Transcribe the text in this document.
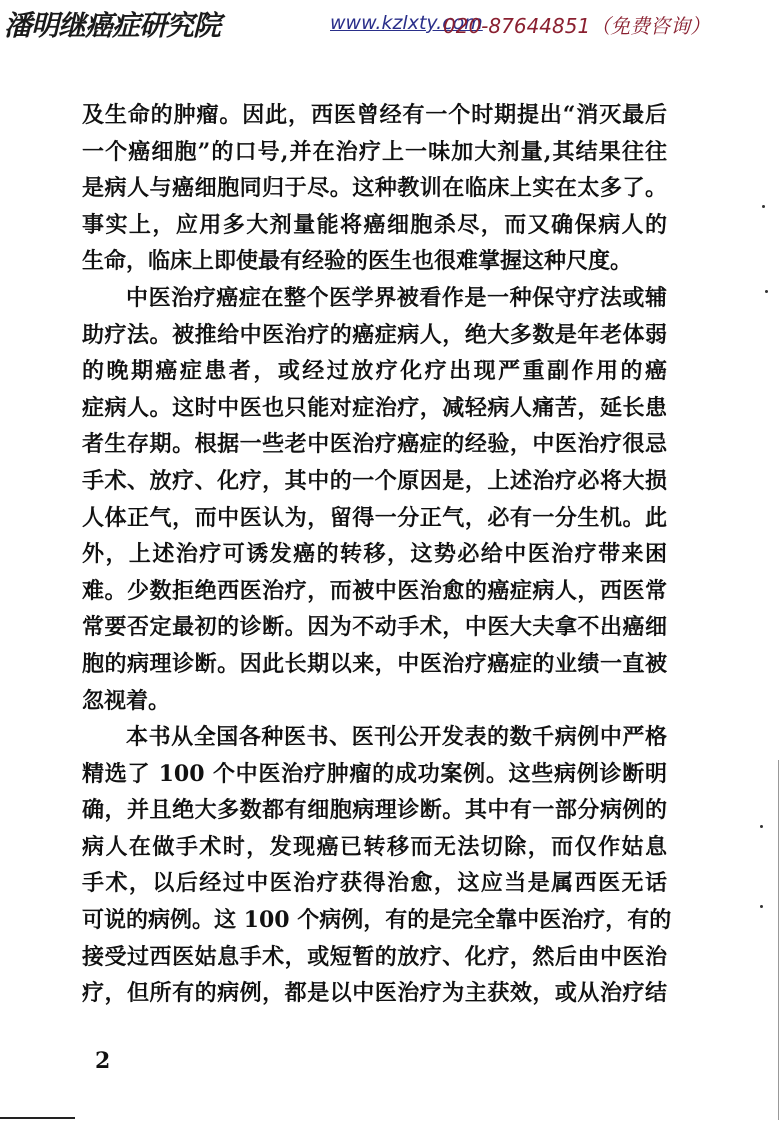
潘明继癌症研究院	www.kzlxty.com
020-87644851（免费咨询）
及生命的肿瘤。因此，西医曾经有一个时期提出“消灭最后
一个癌细胞”的口号,并在治疗上一味加大剂量,其结果往往
是病人与癌细胞同归于尽。这种教训在临床上实在太多了。
事实上，应用多大剂量能将癌细胞杀尽，而又确保病人的
生命，临床上即使最有经验的医生也很难掌握这种尺度。
中医治疗癌症在整个医学界被看作是一种保守疗法或辅
助疗法。被推给中医治疗的癌症病人，绝大多数是年老体弱
的晚期癌症患者，或经过放疗化疗出现严重副作用的癌
症病人。这时中医也只能对症治疗，减轻病人痛苦，延长患
者生存期。根据一些老中医治疗癌症的经验，中医治疗很忌
手术、放疗、化疗，其中的一个原因是，上述治疗必将大损
人体正气，而中医认为，留得一分正气，必有一分生机。此
外，上述治疗可诱发癌的转移，这势必给中医治疗带来困
难。少数拒绝西医治疗，而被中医治愈的癌症病人，西医常
常要否定最初的诊断。因为不动手术，中医大夫拿不出癌细
胞的病理诊断。因此长期以来，中医治疗癌症的业绩一直被
忽视着。
本书从全国各种医书、医刊公开发表的数千病例中严格
精选了 100 个中医治疗肿瘤的成功案例。这些病例诊断明
确，并且绝大多数都有细胞病理诊断。其中有一部分病例的
病人在做手术时，发现癌已转移而无法切除，而仅作姑息
手术，以后经过中医治疗获得治愈，这应当是属西医无话
可说的病例。这 100 个病例，有的是完全靠中医治疗，有的
接受过西医姑息手术，或短暂的放疗、化疗，然后由中医治
疗，但所有的病例，都是以中医治疗为主获效，或从治疗结
2
